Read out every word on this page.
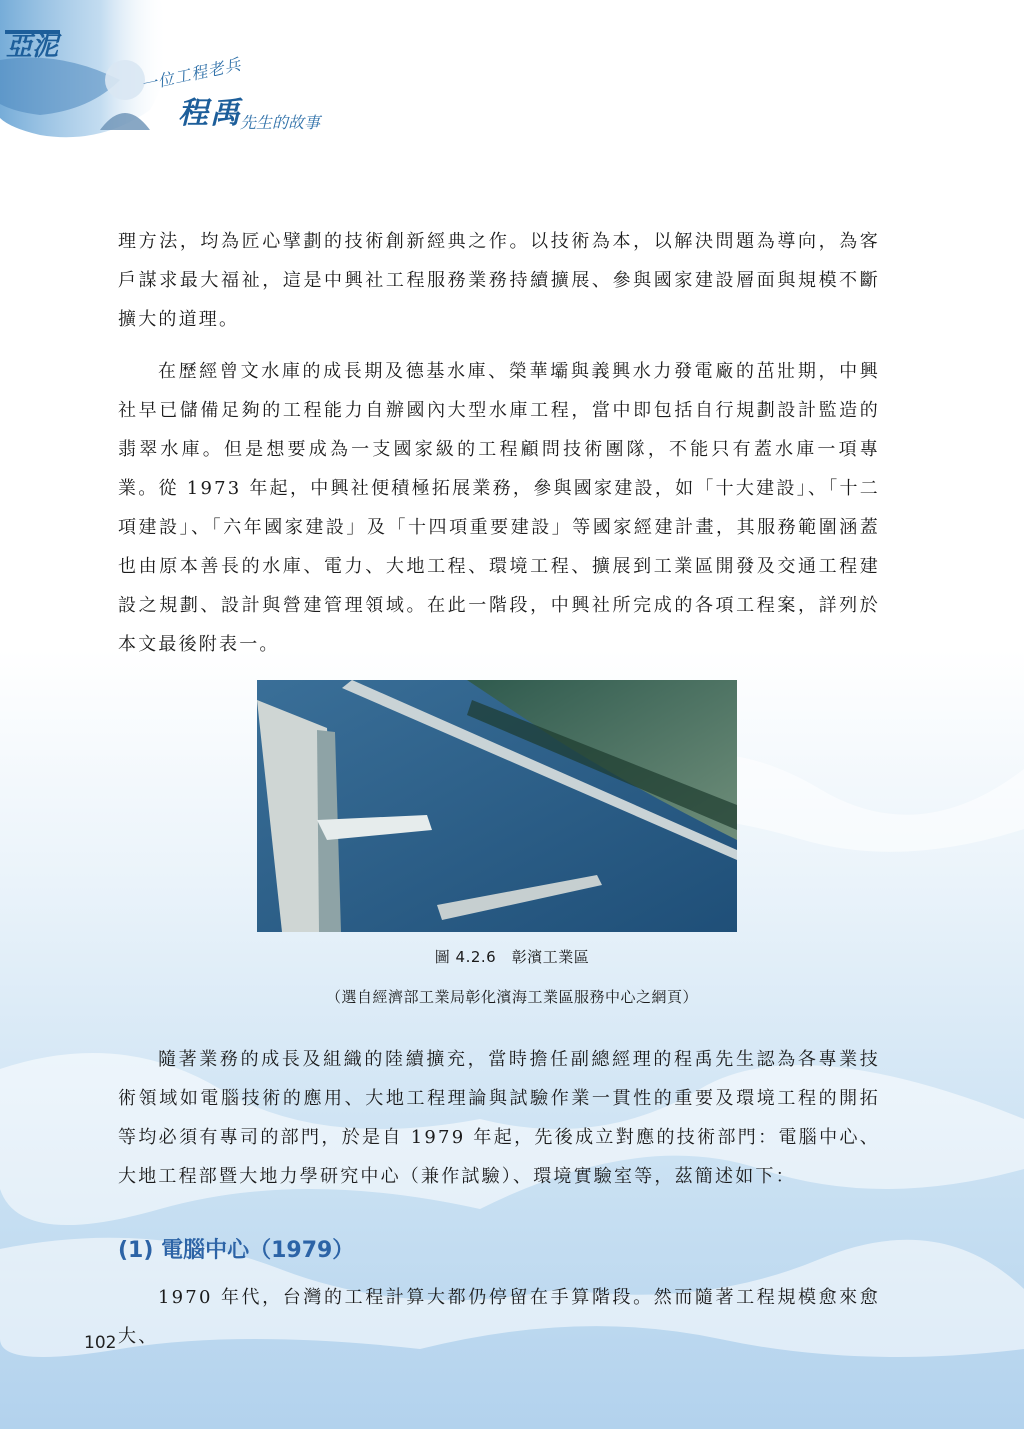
亞泥
一位工程老兵
程禹
先生的故事

理方法，均為匠心擘劃的技術創新經典之作。以技術為本，以解決問題為導向，為客戶謀求最大福祉，這是中興社工程服務業務持續擴展、參與國家建設層面與規模不斷擴大的道理。

在歷經曾文水庫的成長期及德基水庫、榮華壩與義興水力發電廠的茁壯期，中興社早已儲備足夠的工程能力自辦國內大型水庫工程，當中即包括自行規劃設計監造的翡翠水庫。但是想要成為一支國家級的工程顧問技術團隊，不能只有蓋水庫一項專業。從 1973 年起，中興社便積極拓展業務，參與國家建設，如「十大建設」、「十二項建設」、「六年國家建設」及「十四項重要建設」等國家經建計畫，其服務範圍涵蓋也由原本善長的水庫、電力、大地工程、環境工程、擴展到工業區開發及交通工程建設之規劃、設計與營建管理領域。在此一階段，中興社所完成的各項工程案，詳列於本文最後附表一。

圖 4.2.6　彰濱工業區
（選自經濟部工業局彰化濱海工業區服務中心之網頁）

隨著業務的成長及組織的陸續擴充，當時擔任副總經理的程禹先生認為各專業技術領域如電腦技術的應用、大地工程理論與試驗作業一貫性的重要及環境工程的開拓等均必須有專司的部門，於是自 1979 年起，先後成立對應的技術部門：電腦中心、大地工程部暨大地力學研究中心（兼作試驗）、環境實驗室等，茲簡述如下：

(1) 電腦中心（1979）

1970 年代，台灣的工程計算大都仍停留在手算階段。然而隨著工程規模愈來愈大、

102
